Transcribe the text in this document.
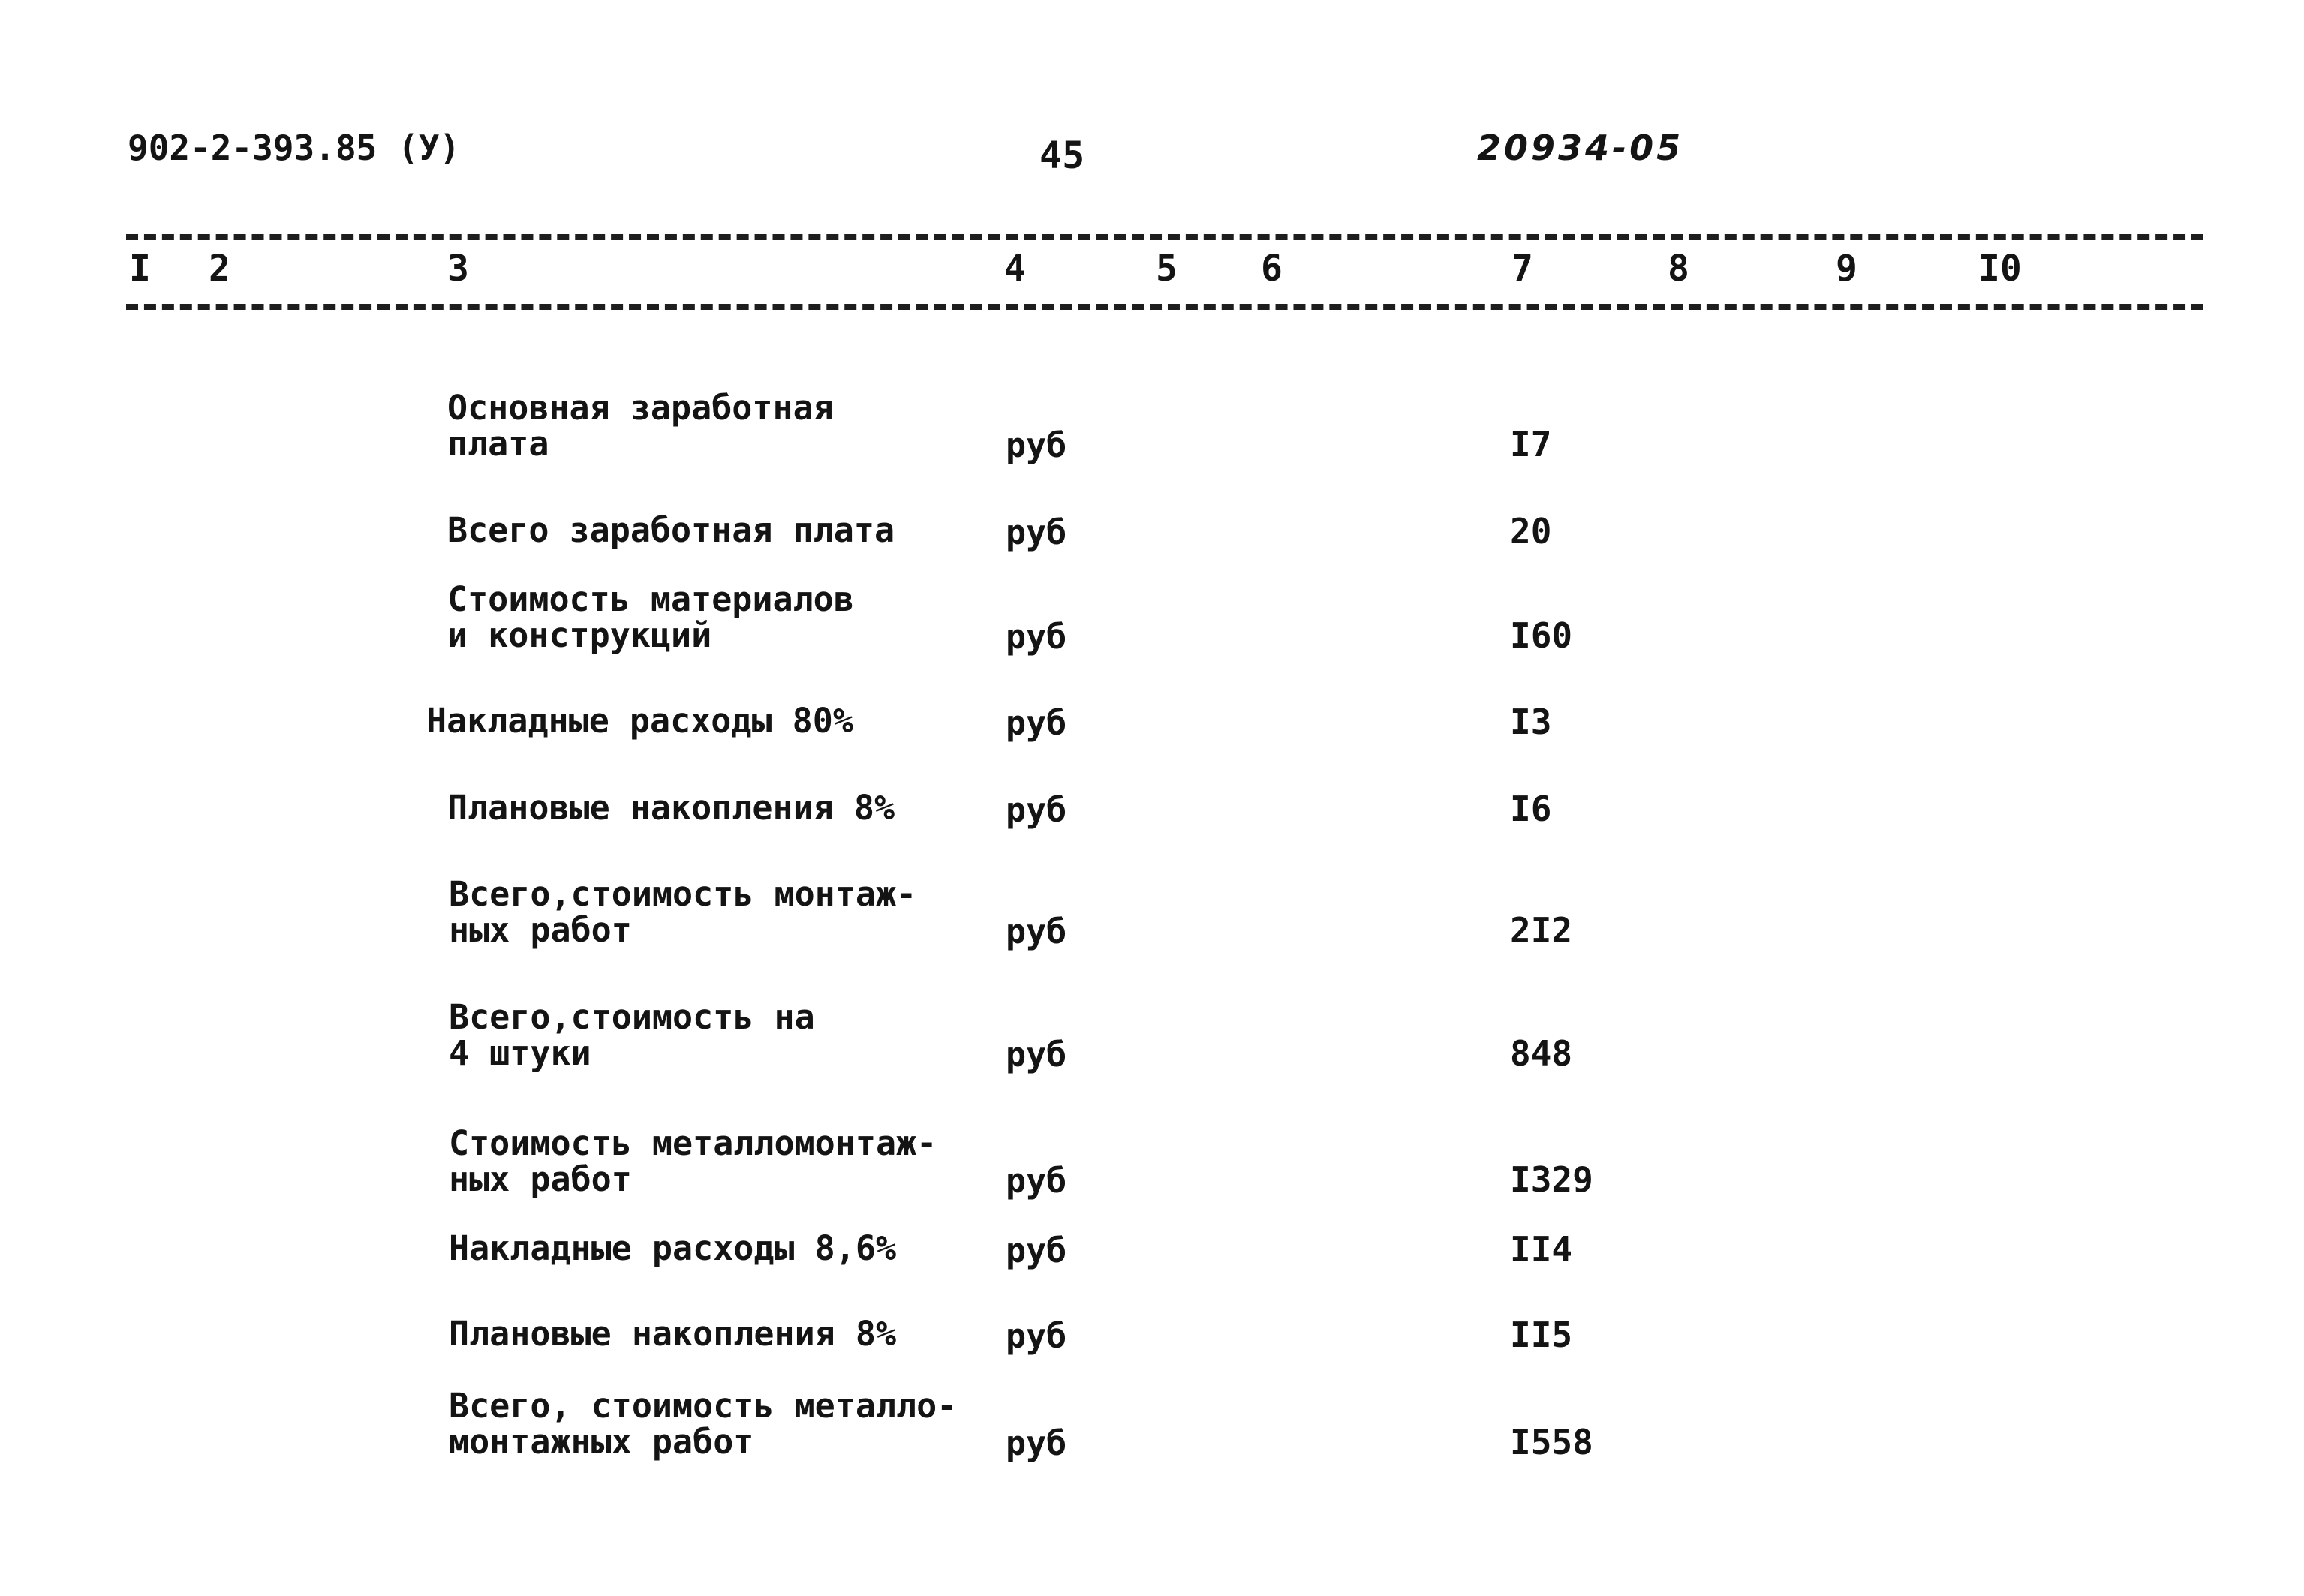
902-2-393.85 (У)	45	20934-05
I 2	3	4	5 6	7	8	9	I0
Основная заработная
плата	руб	I7
Всего заработная плата	руб	20
Стоимость материалов
и конструкций	руб	I60
Накладные расходы 80%	руб	I3
Плановые накопления 8%	руб	I6
Всего,стоимость монтаж-
ных работ	руб	2I2
Всего,стоимость на
4 штуки	руб	848
Стоимость металломонтаж-
ных работ	руб	I329
Накладные расходы 8,6%	руб	II4
Плановые накопления 8%	руб	II5
Всего, стоимость металло-
монтажных работ	руб	I558
